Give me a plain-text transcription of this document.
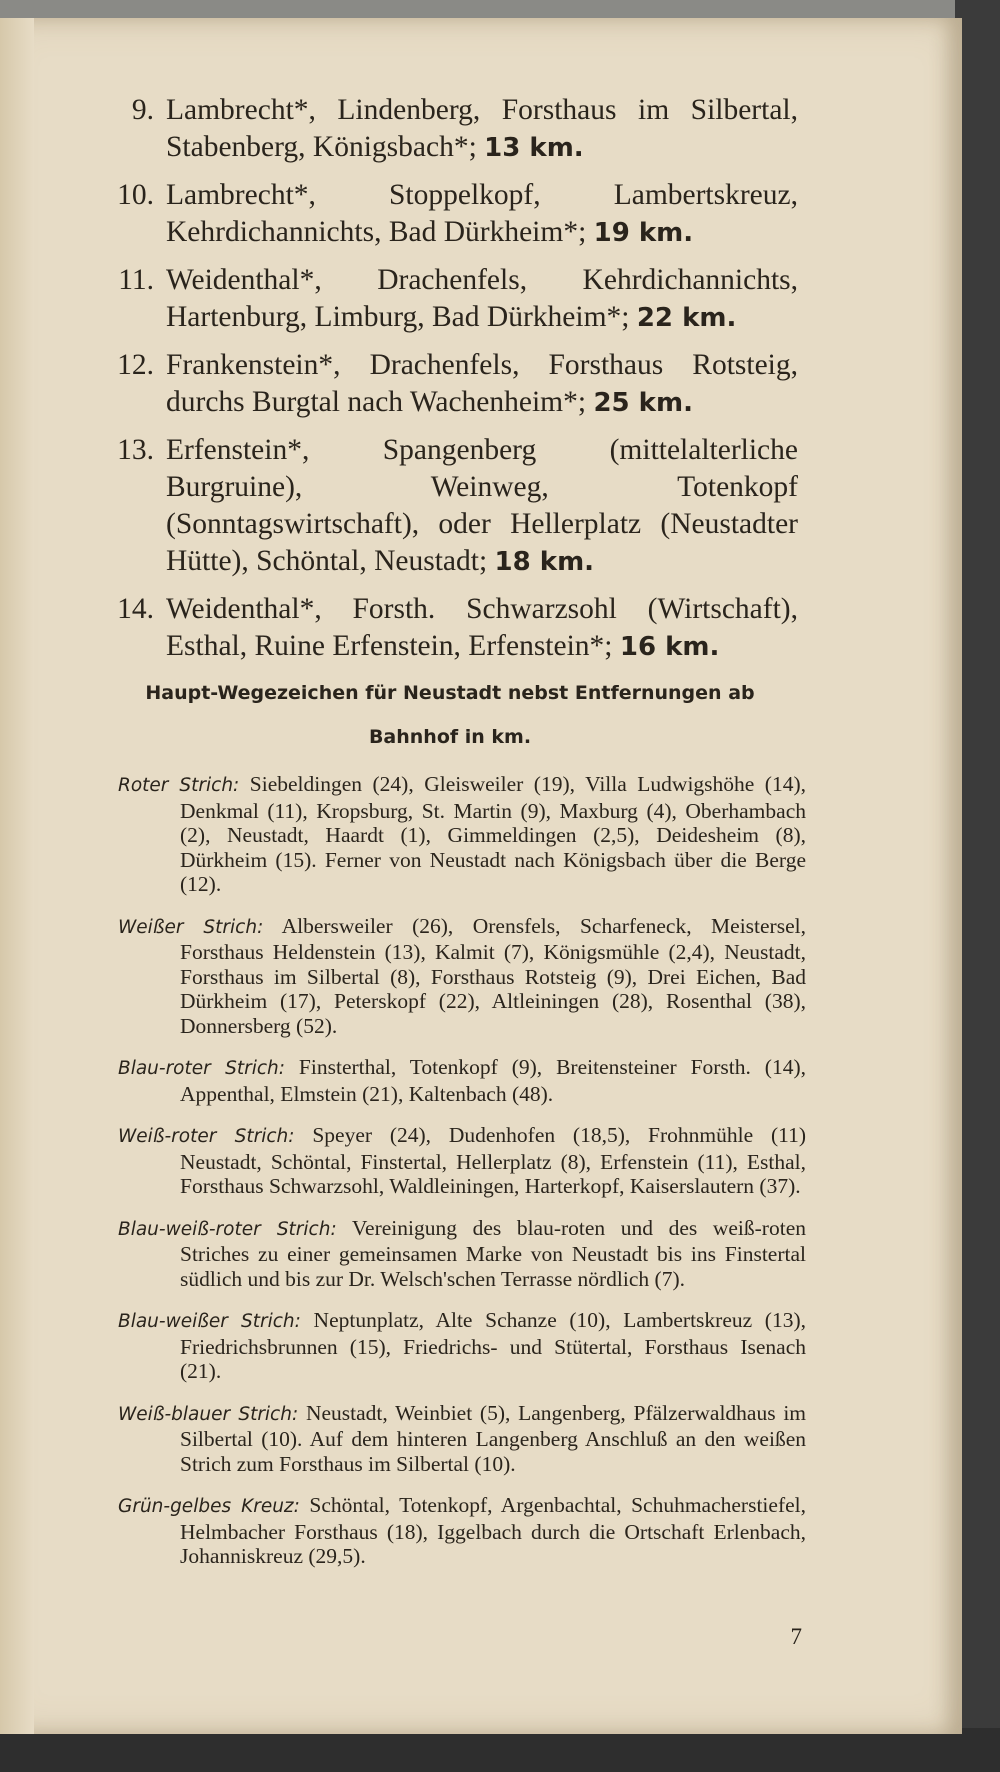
9. Lambrecht*, Lindenberg, Forsthaus im Silbertal, Stabenberg, Königsbach*; 13 km.
10. Lambrecht*, Stoppelkopf, Lambertskreuz, Kehrdichannichts, Bad Dürkheim*; 19 km.
11. Weidenthal*, Drachenfels, Kehrdichannichts, Hartenburg, Limburg, Bad Dürkheim*; 22 km.
12. Frankenstein*, Drachenfels, Forsthaus Rotsteig, durchs Burgtal nach Wachenheim*; 25 km.
13. Erfenstein*, Spangenberg (mittelalterliche Burgruine), Weinweg, Totenkopf (Sonntagswirtschaft), oder Hellerplatz (Neustadter Hütte), Schöntal, Neustadt; 18 km.
14. Weidenthal*, Forsth. Schwarzsohl (Wirtschaft), Esthal, Ruine Erfenstein, Erfenstein*; 16 km.
Haupt-Wegezeichen für Neustadt nebst Entfernungen ab
Bahnhof in km.
Roter Strich: Siebeldingen (24), Gleisweiler (19), Villa Ludwigshöhe (14), Denkmal (11), Kropsburg, St. Martin (9), Maxburg (4), Oberhambach (2), Neustadt, Haardt (1), Gimmeldingen (2,5), Deidesheim (8), Dürkheim (15). Ferner von Neustadt nach Königsbach über die Berge (12).
Weißer Strich: Albersweiler (26), Orensfels, Scharfeneck, Meistersel, Forsthaus Heldenstein (13), Kalmit (7), Königsmühle (2,4), Neustadt, Forsthaus im Silbertal (8), Forsthaus Rotsteig (9), Drei Eichen, Bad Dürkheim (17), Peterskopf (22), Altleiningen (28), Rosenthal (38), Donnersberg (52).
Blau-roter Strich: Finsterthal, Totenkopf (9), Breitensteiner Forsth. (14), Appenthal, Elmstein (21), Kaltenbach (48).
Weiß-roter Strich: Speyer (24), Dudenhofen (18,5), Frohnmühle (11) Neustadt, Schöntal, Finstertal, Hellerplatz (8), Erfenstein (11), Esthal, Forsthaus Schwarzsohl, Waldleiningen, Harterkopf, Kaiserslautern (37).
Blau-weiß-roter Strich: Vereinigung des blau-roten und des weiß-roten Striches zu einer gemeinsamen Marke von Neustadt bis ins Finstertal südlich und bis zur Dr. Welsch'schen Terrasse nördlich (7).
Blau-weißer Strich: Neptunplatz, Alte Schanze (10), Lambertskreuz (13), Friedrichsbrunnen (15), Friedrichs- und Stütertal, Forsthaus Isenach (21).
Weiß-blauer Strich: Neustadt, Weinbiet (5), Langenberg, Pfälzerwaldhaus im Silbertal (10). Auf dem hinteren Langenberg Anschluß an den weißen Strich zum Forsthaus im Silbertal (10).
Grün-gelbes Kreuz: Schöntal, Totenkopf, Argenbachtal, Schuhmacherstiefel, Helmbacher Forsthaus (18), Iggelbach durch die Ortschaft Erlenbach, Johanniskreuz (29,5).
7
